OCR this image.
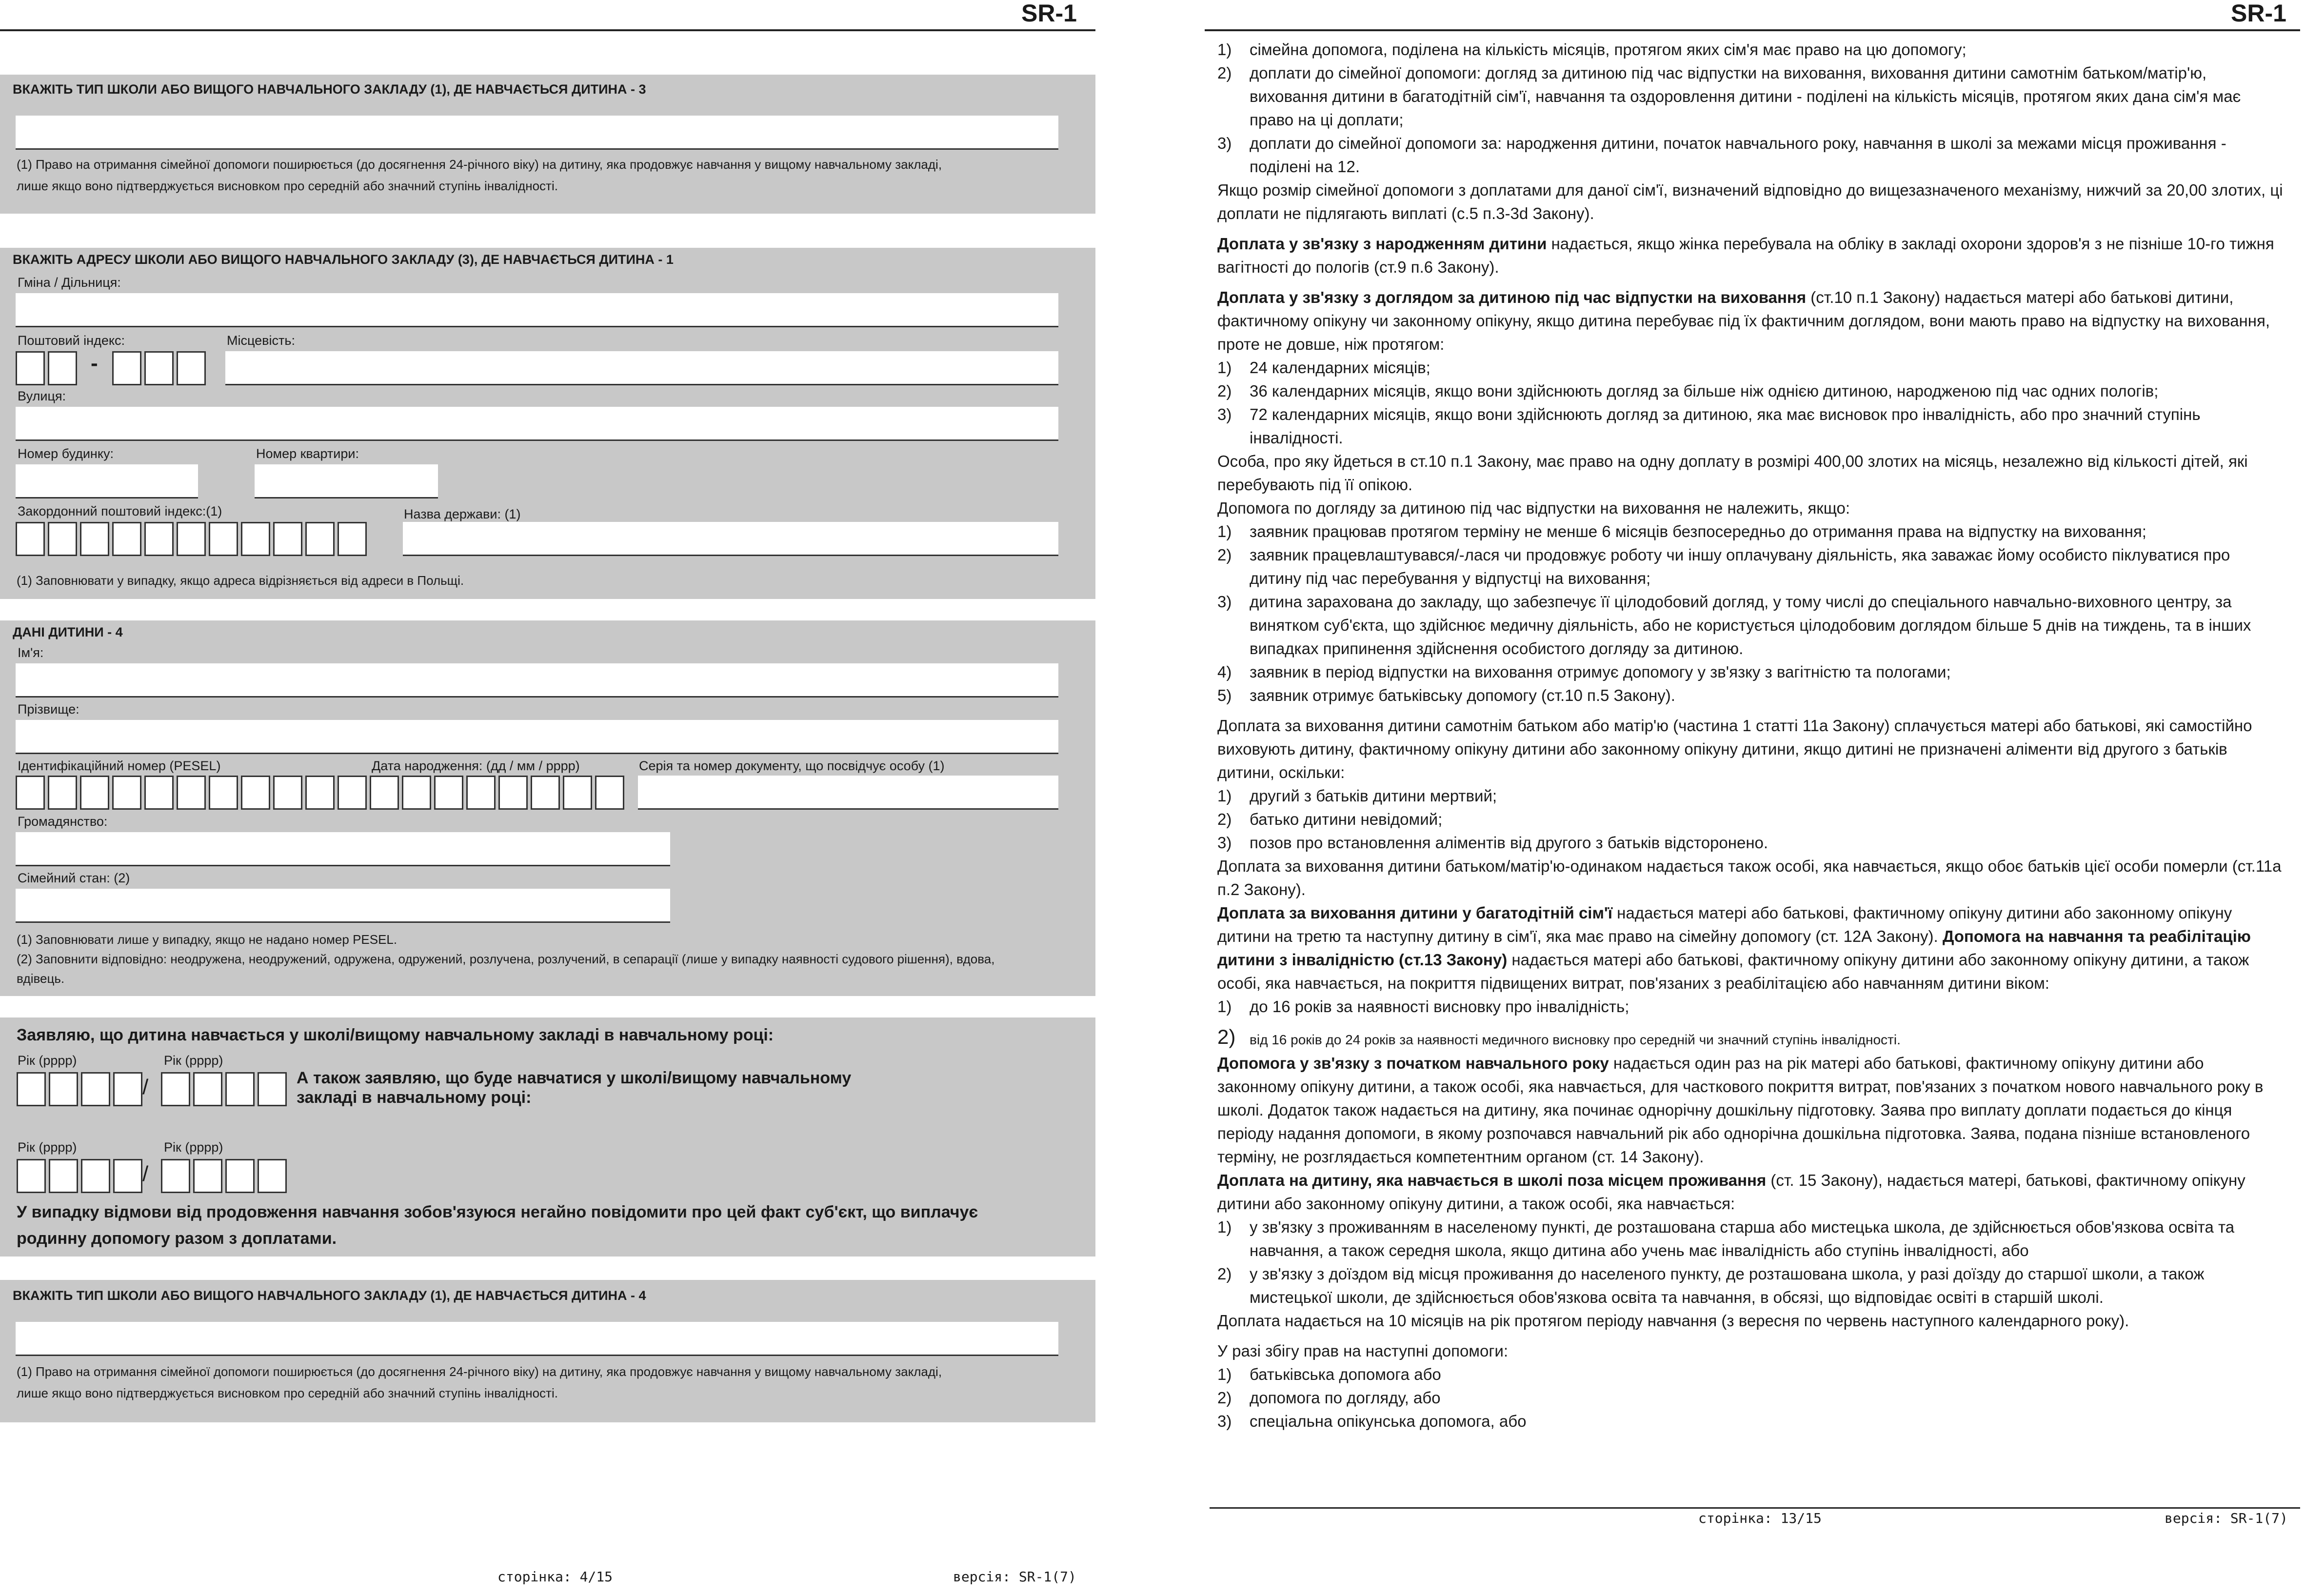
SR-1
ВКАЖІТЬ ТИП ШКОЛИ АБО ВИЩОГО НАВЧАЛЬНОГО ЗАКЛАДУ (1), ДЕ НАВЧАЄТЬСЯ ДИТИНА - 3
(1) Право на отримання сімейної допомоги поширюється (до досягнення 24-річного віку) на дитину, яка продовжує навчання у вищому навчальному закладі, лише якщо воно підтверджується висновком про середній або значний ступінь інвалідності.
ВКАЖІТЬ АДРЕСУ ШКОЛИ АБО ВИЩОГО НАВЧАЛЬНОГО ЗАКЛАДУ (3), ДЕ НАВЧАЄТЬСЯ ДИТИНА - 1
Гміна / Дільниця:
Поштовий індекс:
-
Місцевість:
Вулиця:
Номер будинку:	Номер квартири:
Закордонний поштовий індекс:(1)	Назва держави: (1)
(1) Заповнювати у випадку, якщо адреса відрізняється від адреси в Польщі.
ДАНІ ДИТИНИ - 4
Ім'я:
Прізвище:
Ідентифікаційний номер (PESEL)	Дата народження: (дд / мм / рррр)	Серія та номер документу, що посвідчує особу (1)
Громадянство:
Сімейний стан: (2)
(1) Заповнювати лише у випадку, якщо не надано номер PESEL.
(2) Заповнити відповідно: неодружена, неодружений, одружена, одружений, розлучена, розлучений, в сепарації (лише у випадку наявності судового рішення), вдова, вдівець.
Заявляю, що дитина навчається у школі/вищому навчальному закладі в навчальному році:
Рік (рррр)	Рік (рррр)
/	А також заявляю, що буде навчатися у школі/вищому навчальному закладі в навчальному році:
Рік (рррр)	Рік (рррр)
/
У випадку відмови від продовження навчання зобов'язуюся негайно повідомити про цей факт суб'єкт, що виплачує родинну допомогу разом з доплатами.
ВКАЖІТЬ ТИП ШКОЛИ АБО ВИЩОГО НАВЧАЛЬНОГО ЗАКЛАДУ (1), ДЕ НАВЧАЄТЬСЯ ДИТИНА - 4
(1) Право на отримання сімейної допомоги поширюється (до досягнення 24-річного віку) на дитину, яка продовжує навчання у вищому навчальному закладі, лише якщо воно підтверджується висновком про середній або значний ступінь інвалідності.
сторінка: 4/15	версія: SR-1(7)
SR-1
1)	сімейна допомога, поділена на кількість місяців, протягом яких сім'я має право на цю допомогу;
2)	доплати до сімейної допомоги: догляд за дитиною під час відпустки на виховання, виховання дитини самотнім батьком/матір'ю, виховання дитини в багатодітній сім'ї, навчання та оздоровлення дитини - поділені на кількість місяців, протягом яких дана сім'я має право на ці доплати;
3)	доплати до сімейної допомоги за: народження дитини, початок навчального року, навчання в школі за межами місця проживання - поділені на 12.

Якщо розмір сімейної допомоги з доплатами для даної сім'ї, визначений відповідно до вищезазначеного механізму, нижчий за 20,00 злотих, ці доплати не підлягають виплаті (с.5 п.3-3d Закону).

Доплата у зв'язку з народженням дитини надається, якщо жінка перебувала на обліку в закладі охорони здоров'я з не пізніше 10-го тижня вагітності до пологів (ст.9 п.6 Закону).

Доплата у зв'язку з доглядом за дитиною під час відпустки на виховання (ст.10 п.1 Закону) надається матері або батькові дитини, фактичному опікуну чи законному опікуну, якщо дитина перебуває під їх фактичним доглядом, вони мають право на відпустку на виховання, проте не довше, ніж протягом:

1)	24 календарних місяців;
2)	36 календарних місяців, якщо вони здійснюють догляд за більше ніж однією дитиною, народженою під час одних пологів;
3)	72 календарних місяців, якщо вони здійснюють догляд за дитиною, яка має висновок про інвалідність, або про значний ступінь інвалідності.

Особа, про яку йдеться в ст.10 п.1 Закону, має право на одну доплату в розмірі 400,00 злотих на місяць, незалежно від кількості дітей, які перебувають під її опікою.

Допомога по догляду за дитиною під час відпустки на виховання не належить, якщо:

1)	заявник працював протягом терміну не менше 6 місяців безпосередньо до отримання права на відпустку на виховання;
2)	заявник працевлаштувався/-лася чи продовжує роботу чи іншу оплачувану діяльність, яка заважає йому особисто піклуватися про дитину під час перебування у відпустці на виховання;
3)	дитина зарахована до закладу, що забезпечує її цілодобовий догляд, у тому числі до спеціального навчально-виховного центру, за винятком суб'єкта, що здійснює медичну діяльність, або не користується цілодобовим доглядом більше 5 днів на тиждень, та в інших випадках припинення здійснення особистого догляду за дитиною.
4)	заявник в період відпустки на виховання отримує допомогу у зв'язку з вагітністю та пологами;
5)	заявник отримує батьківську допомогу (ст.10 п.5 Закону).

Доплата за виховання дитини самотнім батьком або матір'ю (частина 1 статті 11а Закону) сплачується матері або батькові, які самостійно виховують дитину, фактичному опікуну дитини або законному опікуну дитини, якщо дитині не призначені аліменти від другого з батьків дитини, оскільки:

1)	другий з батьків дитини мертвий;
2)	батько дитини невідомий;
3)	позов про встановлення аліментів від другого з батьків відсторонено.

Доплата за виховання дитини батьком/матір'ю-одинаком надається також особі, яка навчається, якщо обоє батьків цієї особи померли (ст.11а п.2 Закону).

Доплата за виховання дитини у багатодітній сім'ї надається матері або батькові, фактичному опікуну дитини або законному опікуну дитини на третю та наступну дитину в сім'ї, яка має право на сімейну допомогу (ст. 12А Закону). Допомога на навчання та реабілітацію дитини з інвалідністю (ст.13 Закону) надається матері або батькові, фактичному опікуну дитини або законному опікуну дитини, а також особі, яка навчається, на покриття підвищених витрат, пов'язаних з реабілітацією або навчанням дитини віком:

1)	до 16 років за наявності висновку про інвалідність;
2)	від 16 років до 24 років за наявності медичного висновку про середній чи значний ступінь інвалідності.

Допомога у зв'язку з початком навчального року надається один раз на рік матері або батькові, фактичному опікуну дитини або законному опікуну дитини, а також особі, яка навчається, для часткового покриття витрат, пов'язаних з початком нового навчального року в школі. Додаток також надається на дитину, яка починає однорічну дошкільну підготовку. Заява про виплату доплати подається до кінця періоду надання допомоги, в якому розпочався навчальний рік або однорічна дошкільна підготовка. Заява, подана пізніше встановленого терміну, не розглядається компетентним органом (ст. 14 Закону).

Доплата на дитину, яка навчається в школі поза місцем проживання (ст. 15 Закону), надається матері, батькові, фактичному опікуну дитини або законному опікуну дитини, а також особі, яка навчається:

1)	у зв'язку з проживанням в населеному пункті, де розташована старша або мистецька школа, де здійснюється обов'язкова освіта та навчання, а також середня школа, якщо дитина або учень має інвалідність або ступінь інвалідності, або
2)	у зв'язку з доїздом від місця проживання до населеного пункту, де розташована школа, у разі доїзду до старшої школи, а також мистецької школи, де здійснюється обов'язкова освіта та навчання, в обсязі, що відповідає освіті в старшій школі.

Доплата надається на 10 місяців на рік протягом періоду навчання (з вересня по червень наступного календарного року).

У разі збігу прав на наступні допомоги:

1)	батьківська допомога або
2)	допомога по догляду, або
3)	спеціальна опікунська допомога, або
сторінка: 13/15	версія: SR-1(7)
